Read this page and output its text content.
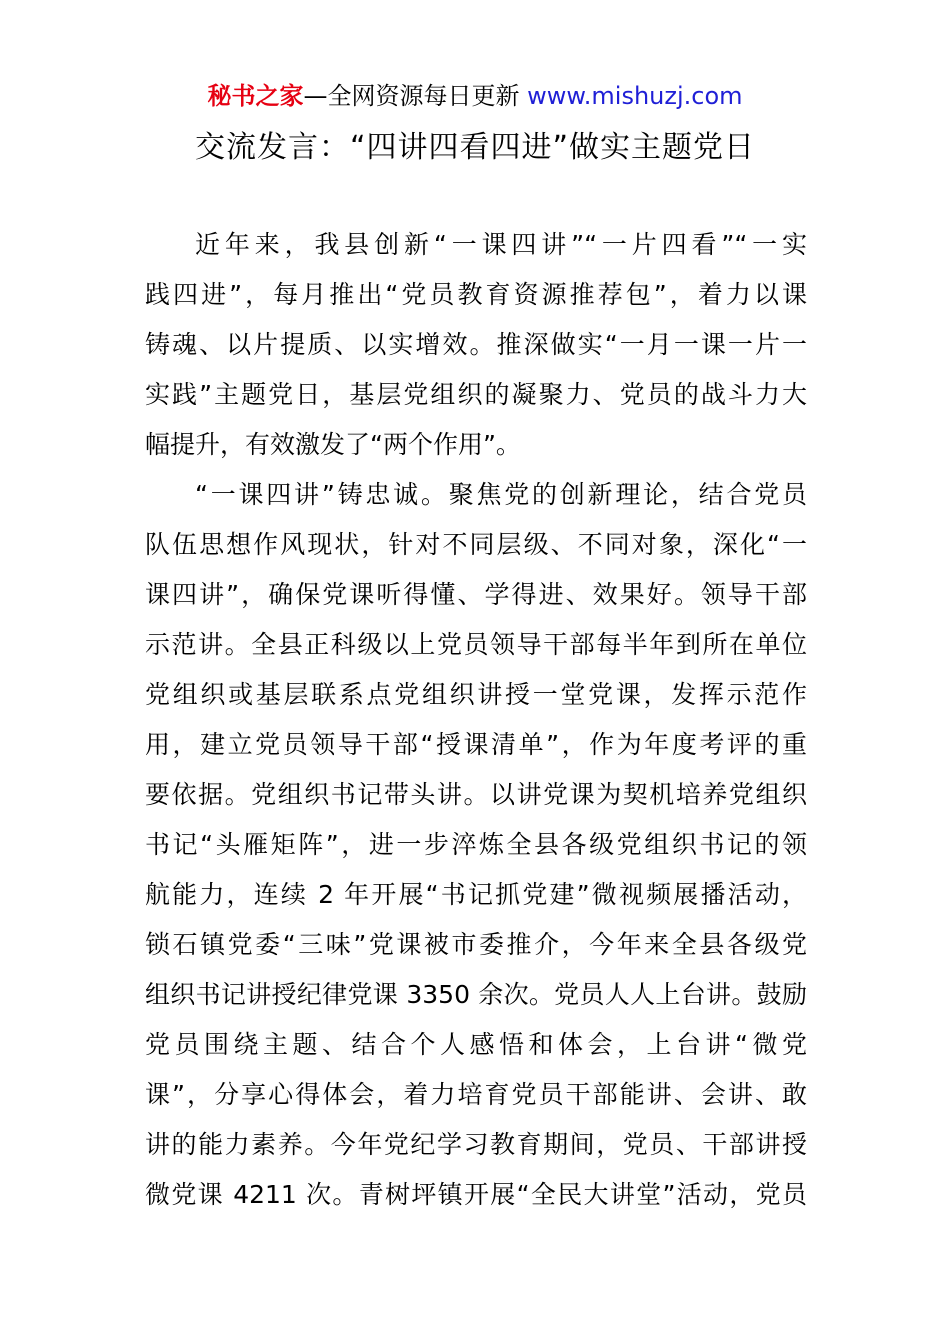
秘书之家—全网资源每日更新 www.mishuzj.com
交流发言：“四讲四看四进”做实主题党日
近年来，我县创新“一课四讲”“一片四看”“一实
践四进”，每月推出“党员教育资源推荐包”，着力以课
铸魂、以片提质、以实增效。推深做实“一月一课一片一
实践”主题党日，基层党组织的凝聚力、党员的战斗力大
幅提升，有效激发了“两个作用”。
“一课四讲”铸忠诚。聚焦党的创新理论，结合党员
队伍思想作风现状，针对不同层级、不同对象，深化“一
课四讲”，确保党课听得懂、学得进、效果好。领导干部
示范讲。全县正科级以上党员领导干部每半年到所在单位
党组织或基层联系点党组织讲授一堂党课，发挥示范作
用，建立党员领导干部“授课清单”，作为年度考评的重
要依据。党组织书记带头讲。以讲党课为契机培养党组织
书记“头雁矩阵”，进一步淬炼全县各级党组织书记的领
航能力，连续 2 年开展“书记抓党建”微视频展播活动，
锁石镇党委“三味”党课被市委推介，今年来全县各级党
组织书记讲授纪律党课 3350 余次。党员人人上台讲。鼓励
党员围绕主题、结合个人感悟和体会，上台讲“微党
课”，分享心得体会，着力培育党员干部能讲、会讲、敢
讲的能力素养。今年党纪学习教育期间，党员、干部讲授
微党课 4211 次。青树坪镇开展“全民大讲堂”活动，党员
